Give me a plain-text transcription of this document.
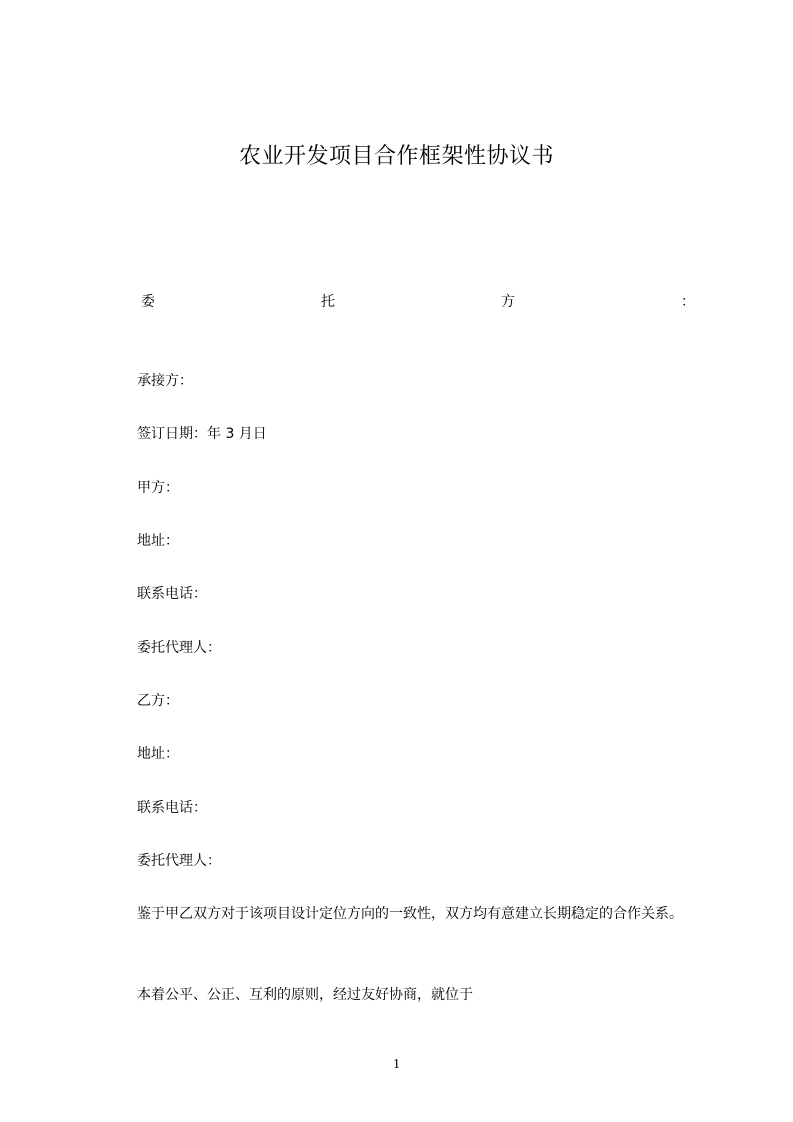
农业开发项目合作框架性协议书
委	托	方	：
承接方：
签订日期：年 3 月日
甲方：
地址：
联系电话：
委托代理人：
乙方：
地址：
联系电话：
委托代理人：
鉴于甲乙双方对于该项目设计定位方向的一致性，双方均有意建立长期稳定的合作关系。
本着公平、公正、互利的原则，经过友好协商，就位于
1
